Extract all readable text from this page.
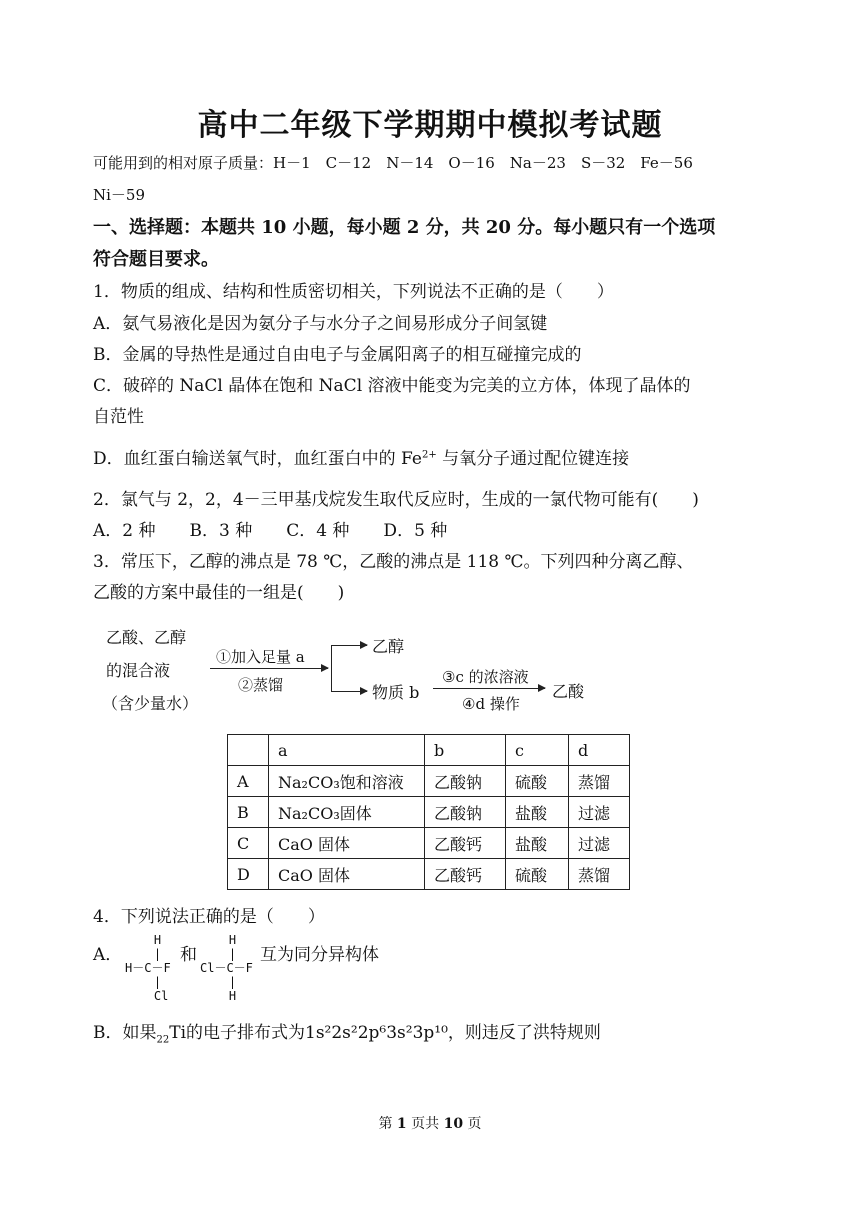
高中二年级下学期期中模拟考试题
可能用到的相对原子质量：H－1　C－12　N－14　O－16　Na－23　S－32　Fe－56
Ni－59
一、选择题：本题共 10 小题，每小题 2 分，共 20 分。每小题只有一个选项
符合题目要求。
1．物质的组成、结构和性质密切相关，下列说法不正确的是（　　）
A．氨气易液化是因为氨分子与水分子之间易形成分子间氢键
B．金属的导热性是通过自由电子与金属阳离子的相互碰撞完成的
C．破碎的 NaCl 晶体在饱和 NaCl 溶液中能变为完美的立方体，体现了晶体的
自范性
D．血红蛋白输送氧气时，血红蛋白中的 $Fe^{2+}$ 与氧分子通过配位键连接
2．氯气与 2，2，4－三甲基戊烷发生取代反应时，生成的一氯代物可能有(　　)
A．2 种　　B．3 种　　C．4 种　　D．5 种
3．常压下，乙醇的沸点是 78 ℃，乙酸的沸点是 118 ℃。下列四种分离乙醇、
乙酸的方案中最佳的一组是(　　)
乙酸、乙醇
的混合液
（含少量水）
①加入足量 a
②蒸馏
乙醇
物质 b
③c 的浓溶液
④d 操作
乙酸
	a	b	c	d
A	Na₂CO₃饱和溶液	乙酸钠	硫酸	蒸馏
B	Na₂CO₃固体	乙酸钠	盐酸	过滤
C	CaO 固体	乙酸钙	盐酸	过滤
D	CaO 固体	乙酸钙	硫酸	蒸馏
4．下列说法正确的是（　　）
A．
H
|
H－C－F
|
Cl
和
H
|
Cl－C－F
|
H
互为同分异构体
B．如果$_{22}$Ti的电子排布式为1s²2s²2p⁶3s²3p¹⁰，则违反了洪特规则
第 1 页共 10 页
